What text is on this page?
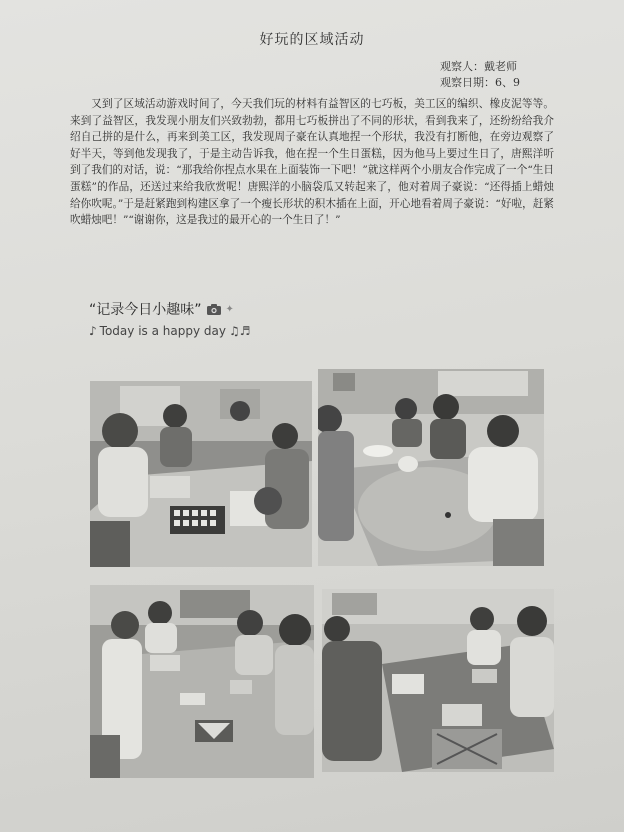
好玩的区域活动
观察人：戴老师
观察日期：6、9

又到了区域活动游戏时间了，今天我们玩的材料有益智区的七巧板，美工区的编织、橡皮泥等等。来到了益智区，我发现小朋友们兴致勃勃，都用七巧板拼出了不同的形状，看到我来了，还纷纷给我介绍自己拼的是什么，再来到美工区，我发现周子豪在认真地捏一个形状，我没有打断他，在旁边观察了好半天，等到他发现我了，于是主动告诉我，他在捏一个生日蛋糕，因为他马上要过生日了，唐熙洋听到了我们的对话，说：“那我给你捏点水果在上面装饰一下吧！”就这样两个小朋友合作完成了一个“生日蛋糕”的作品，还送过来给我欣赏呢！唐熙洋的小脑袋瓜又转起来了，他对着周子豪说：“还得插上蜡烛给你吹呢。”于是赶紧跑到构建区拿了一个瘦长形状的积木插在上面，开心地看着周子豪说：“好啦，赶紧吹蜡烛吧！”“谢谢你，这是我过的最开心的一个生日了！”

“记录今日小趣味” ✦
♪ Today is a happy day ♫♬
